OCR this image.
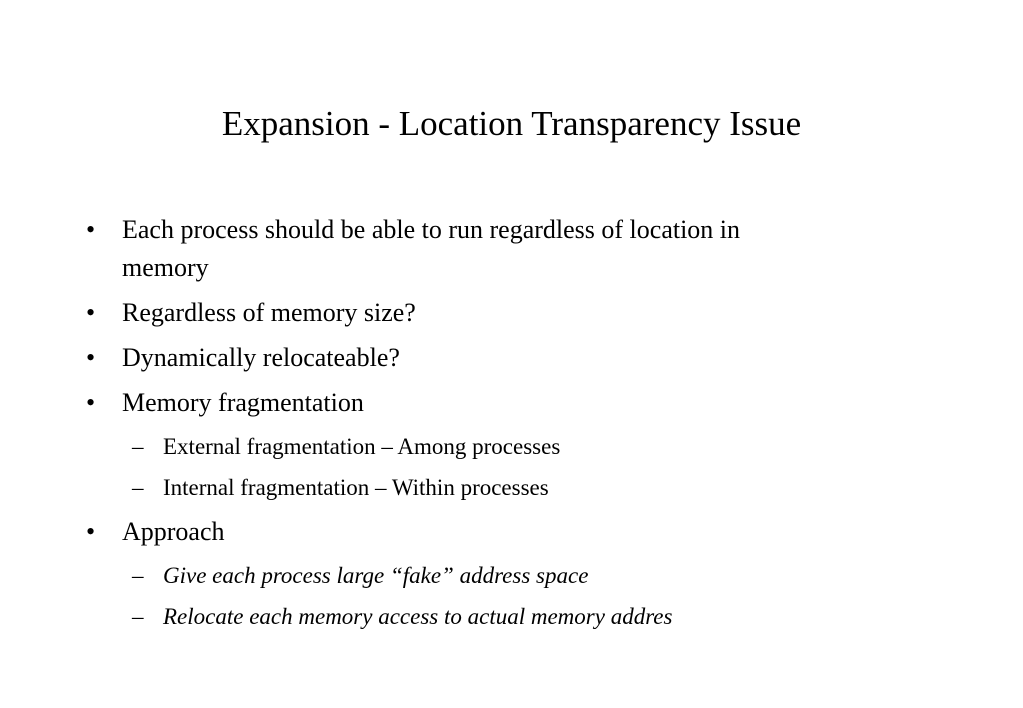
Expansion - Location Transparency Issue
• Each process should be able to run regardless of location in
memory
• Regardless of memory size?
• Dynamically relocateable?
• Memory fragmentation
– External fragmentation – Among processes
– Internal fragmentation – Within processes
• Approach
– Give each process large “fake” address space
– Relocate each memory access to actual memory addres
